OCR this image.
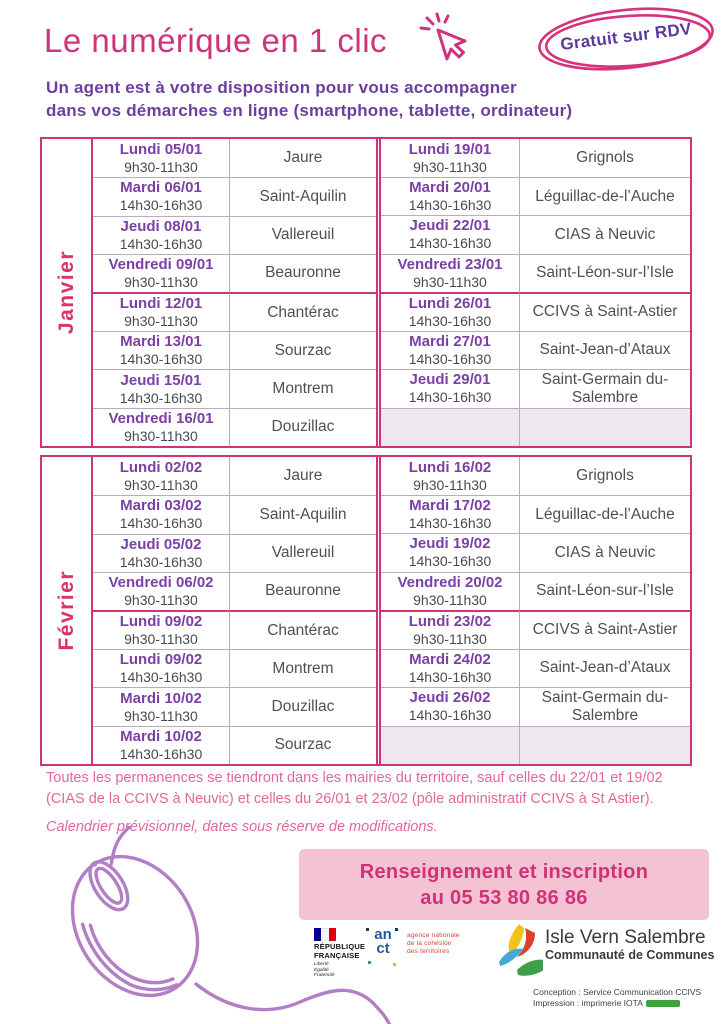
Le numérique en 1 clic	Gratuit sur RDV
Un agent est à votre disposition pour vous accompagner
dans vos démarches en ligne (smartphone, tablette, ordinateur)
Janvier
Lundi 05/01
9h30-11h30
Jaure
Mardi 06/01
14h30-16h30
Saint-Aquilin
Jeudi 08/01
14h30-16h30
Vallereuil
Vendredi 09/01
9h30-11h30
Beauronne
Lundi 12/01
9h30-11h30
Chantérac
Mardi 13/01
14h30-16h30
Sourzac
Jeudi 15/01
14h30-16h30
Montrem
Vendredi 16/01
9h30-11h30
Douzillac
Lundi 19/01
9h30-11h30
Grignols
Mardi 20/01
14h30-16h30
Léguillac-de-l’Auche
Jeudi 22/01
14h30-16h30
CIAS à Neuvic
Vendredi 23/01
9h30-11h30
Saint-Léon-sur-l’Isle
Lundi 26/01
14h30-16h30
CCIVS à Saint-Astier
Mardi 27/01
14h30-16h30
Saint-Jean-d’Ataux
Jeudi 29/01
14h30-16h30
Saint-Germain du-Salembre
Février
Lundi 02/02
9h30-11h30
Jaure
Mardi 03/02
14h30-16h30
Saint-Aquilin
Jeudi 05/02
14h30-16h30
Vallereuil
Vendredi 06/02
9h30-11h30
Beauronne
Lundi 09/02
9h30-11h30
Chantérac
Lundi 09/02
14h30-16h30
Montrem
Mardi 10/02
9h30-11h30
Douzillac
Mardi 10/02
14h30-16h30
Sourzac
Lundi 16/02
9h30-11h30
Grignols
Mardi 17/02
14h30-16h30
Léguillac-de-l’Auche
Jeudi 19/02
14h30-16h30
CIAS à Neuvic
Vendredi 20/02
9h30-11h30
Saint-Léon-sur-l’Isle
Lundi 23/02
9h30-11h30
CCIVS à Saint-Astier
Mardi 24/02
14h30-16h30
Saint-Jean-d’Ataux
Jeudi 26/02
14h30-16h30
Saint-Germain du-Salembre
Toutes les permanences se tiendront dans les mairies du territoire, sauf celles du 22/01 et 19/02 (CIAS de la CCIVS à Neuvic) et celles du 26/01 et 23/02 (pôle administratif CCIVS à St Astier).
Calendrier prévisionnel, dates sous réserve de modifications.
Renseignement et inscription
au 05 53 80 86 86
RÉPUBLIQUE
FRANÇAISE
Liberté
Égalité
Fraternité
an
ct
agence nationale
de la cohésion
des territoires
Isle Vern Salembre
Communauté de Communes
Conception : Service Communication CCIVS
Impression : imprimerie IOTA
